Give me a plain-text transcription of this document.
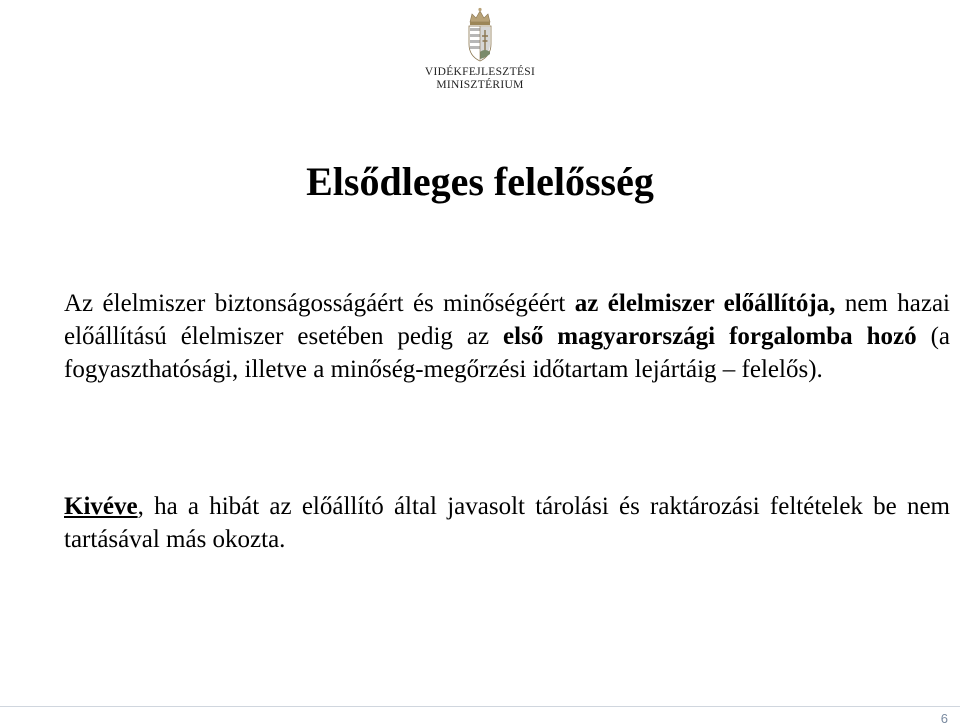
VIDÉKFEJLESZTÉSI
MINISZTÉRIUM
Elsődleges felelősség
Az élelmiszer biztonságosságáért és minőségéért az élelmiszer előállítója, nem hazai előállítású élelmiszer esetében pedig az első magyarországi forgalomba hozó (a fogyaszthatósági, illetve a minőség-megőrzési időtartam lejártáig – felelős).
Kivéve, ha a hibát az előállító által javasolt tárolási és raktározási feltételek be nem tartásával más okozta.
6
